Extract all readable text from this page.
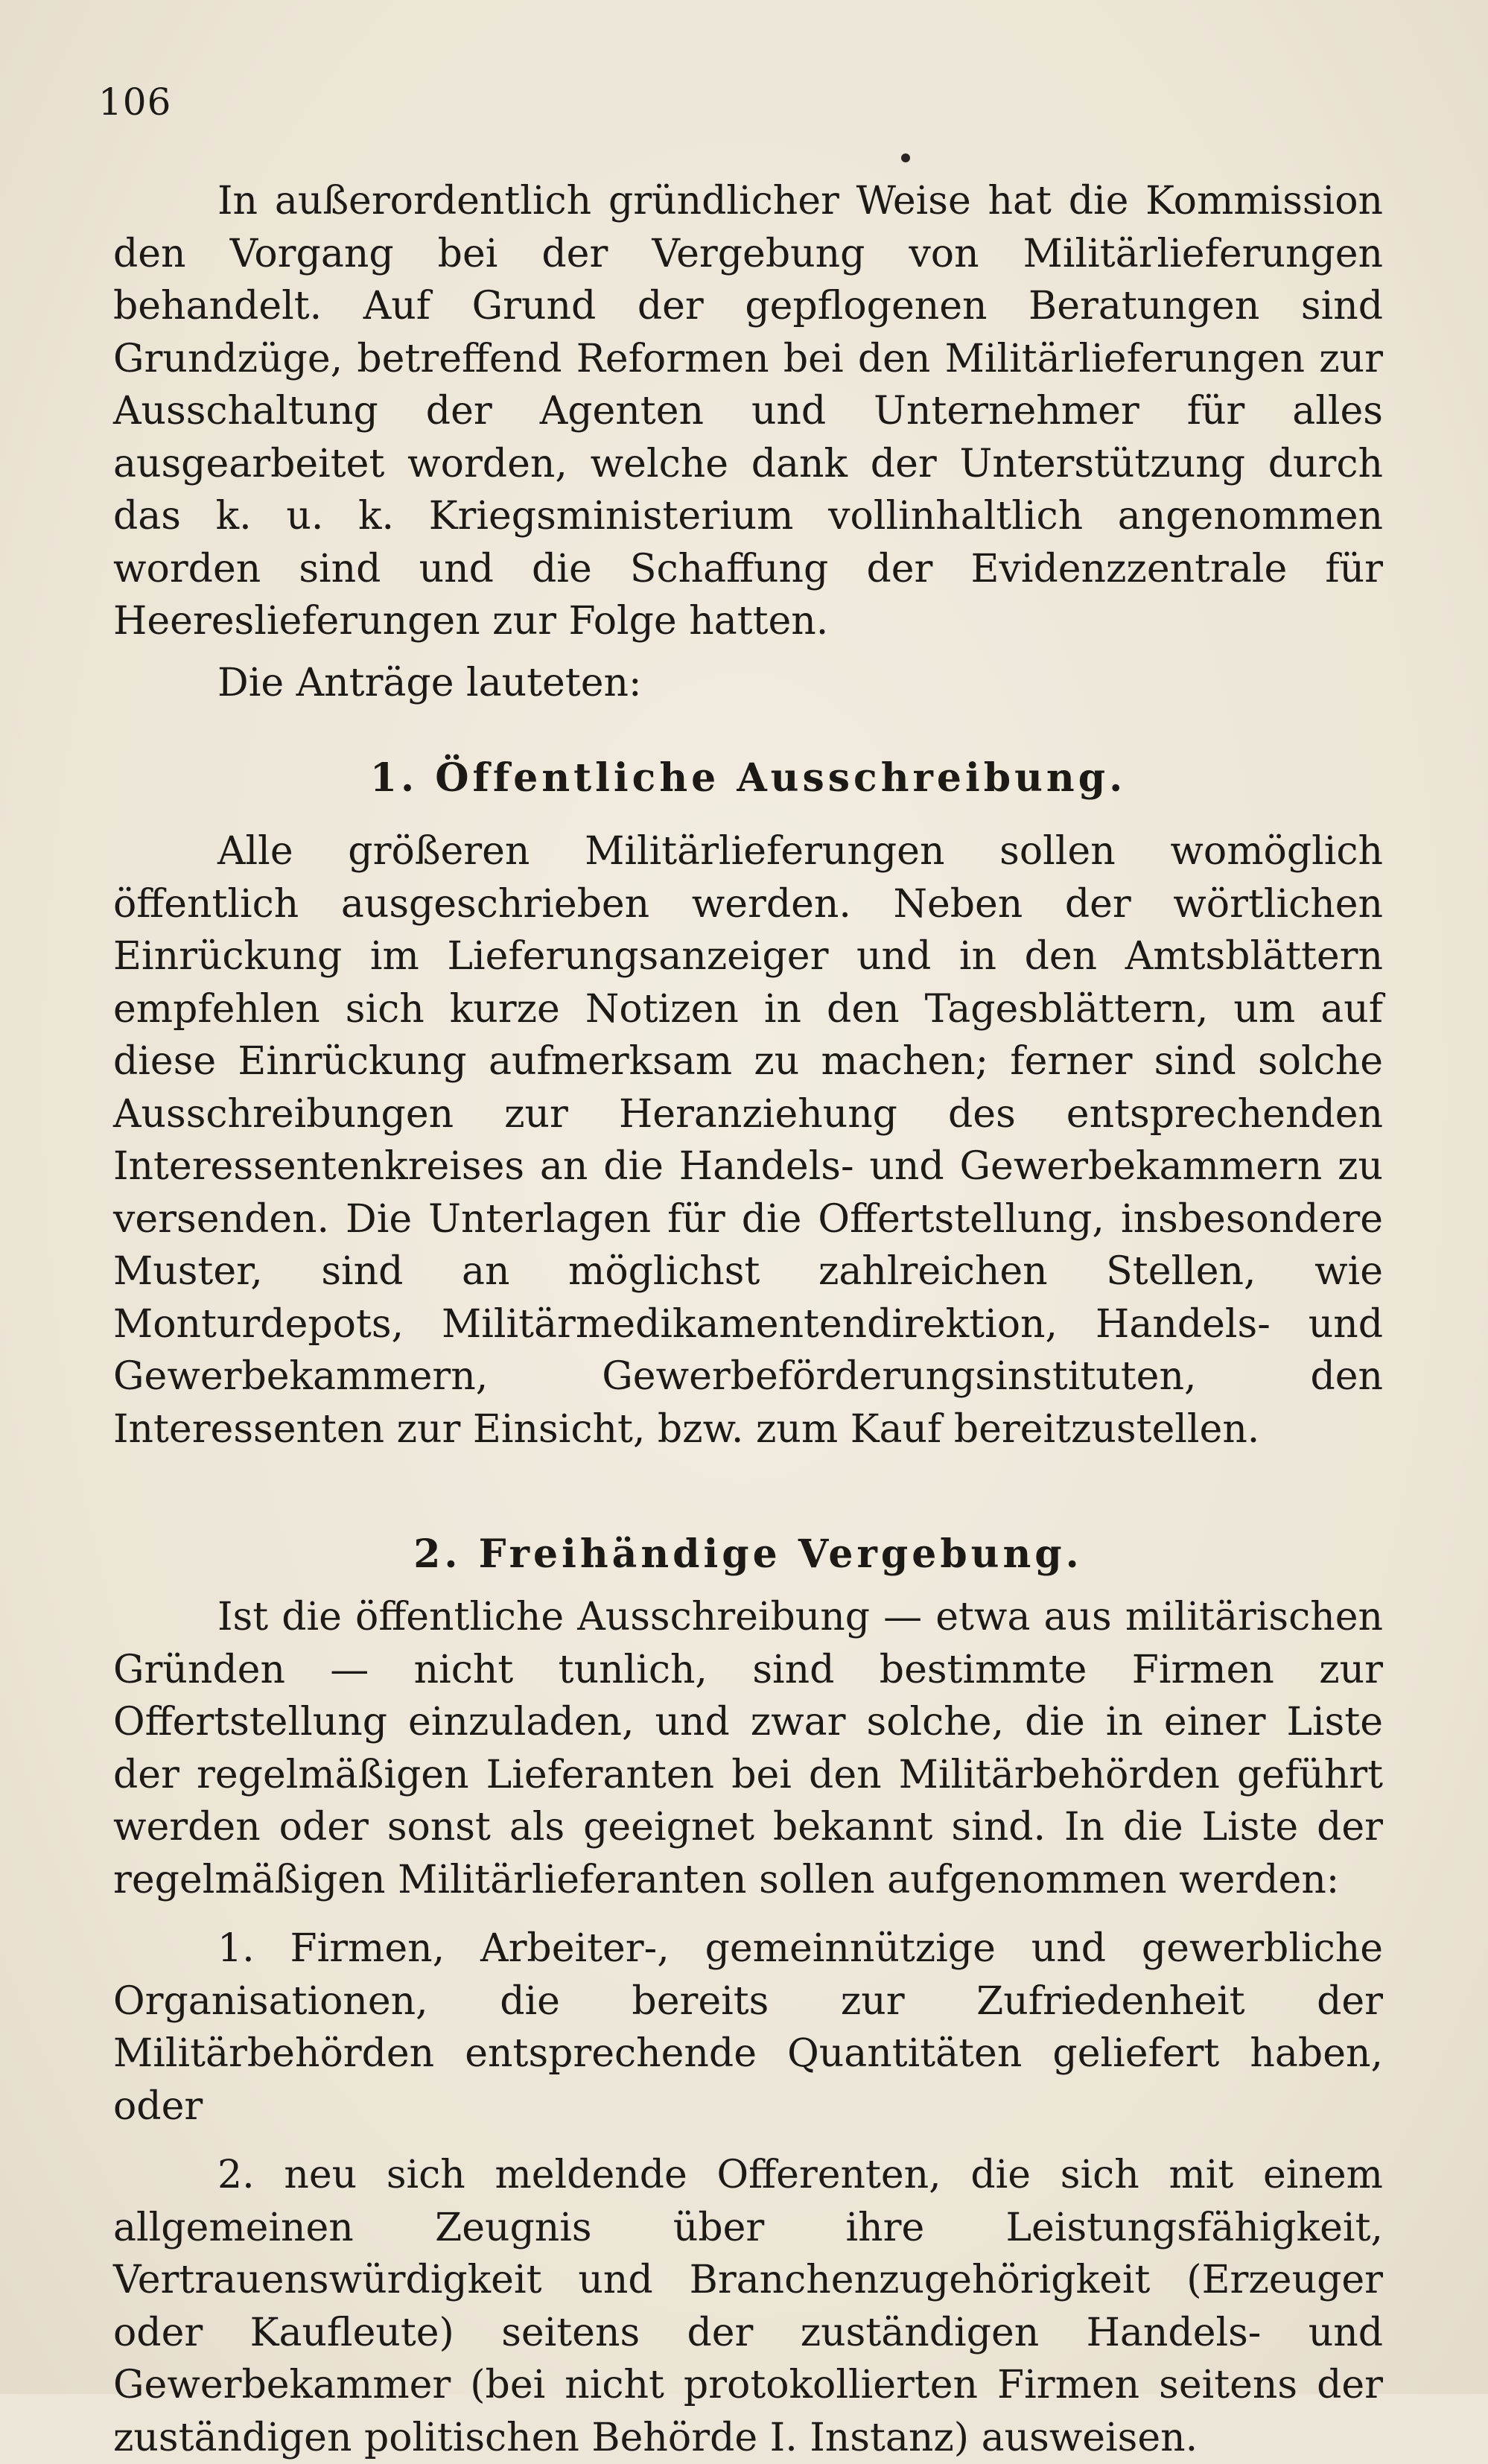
106

In außerordentlich gründlicher Weise hat die Kommission den Vorgang bei der Vergebung von Militärlieferungen behandelt. Auf Grund der gepflogenen Beratungen sind Grundzüge, betreffend Reformen bei den Militärlieferungen zur Ausschaltung der Agenten und Unternehmer für alles ausgearbeitet worden, welche dank der Unterstützung durch das k. u. k. Kriegsministerium vollinhaltlich angenommen worden sind und die Schaffung der Evidenzzentrale für Heereslieferungen zur Folge hatten.

Die Anträge lauteten:

1. Öffentliche Ausschreibung.

Alle größeren Militärlieferungen sollen womöglich öffentlich ausgeschrieben werden. Neben der wörtlichen Einrückung im Lieferungsanzeiger und in den Amtsblättern empfehlen sich kurze Notizen in den Tagesblättern, um auf diese Einrückung aufmerksam zu machen; ferner sind solche Ausschreibungen zur Heranziehung des entsprechenden Interessentenkreises an die Handels- und Gewerbekammern zu versenden. Die Unterlagen für die Offertstellung, insbesondere Muster, sind an möglichst zahlreichen Stellen, wie Monturdepots, Militärmedikamentendirektion, Handels- und Gewerbekammern, Gewerbeförderungsinstituten, den Interessenten zur Einsicht, bzw. zum Kauf bereitzustellen.

2. Freihändige Vergebung.

Ist die öffentliche Ausschreibung — etwa aus militärischen Gründen — nicht tunlich, sind bestimmte Firmen zur Offertstellung einzuladen, und zwar solche, die in einer Liste der regelmäßigen Lieferanten bei den Militärbehörden geführt werden oder sonst als geeignet bekannt sind. In die Liste der regelmäßigen Militärlieferanten sollen aufgenommen werden:

1. Firmen, Arbeiter-, gemeinnützige und gewerbliche Organisationen, die bereits zur Zufriedenheit der Militärbehörden entsprechende Quantitäten geliefert haben, oder

2. neu sich meldende Offerenten, die sich mit einem allgemeinen Zeugnis über ihre Leistungsfähigkeit, Vertrauenswürdigkeit und Branchenzugehörigkeit (Erzeuger oder Kaufleute) seitens der zuständigen Handels- und Gewerbekammer (bei nicht protokollierten Firmen seitens der zuständigen politischen Behörde I. Instanz) ausweisen.
